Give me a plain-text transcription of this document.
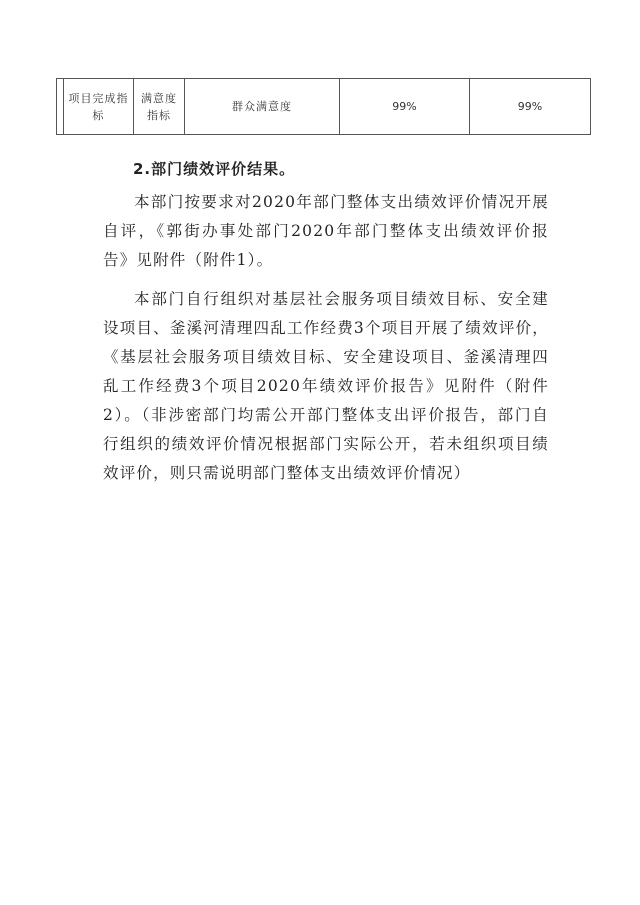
	项目完成指标	满意度指标	群众满意度	99%	99%

2.部门绩效评价结果。

本部门按要求对2020年部门整体支出绩效评价情况开展自评，《郭街办事处部门2020年部门整体支出绩效评价报告》见附件（附件1）。

本部门自行组织对基层社会服务项目绩效目标、安全建设项目、釜溪河清理四乱工作经费3个项目开展了绩效评价，《基层社会服务项目绩效目标、安全建设项目、釜溪清理四乱工作经费3个项目2020年绩效评价报告》见附件（附件2）。（非涉密部门均需公开部门整体支出评价报告，部门自行组织的绩效评价情况根据部门实际公开，若未组织项目绩效评价，则只需说明部门整体支出绩效评价情况）
